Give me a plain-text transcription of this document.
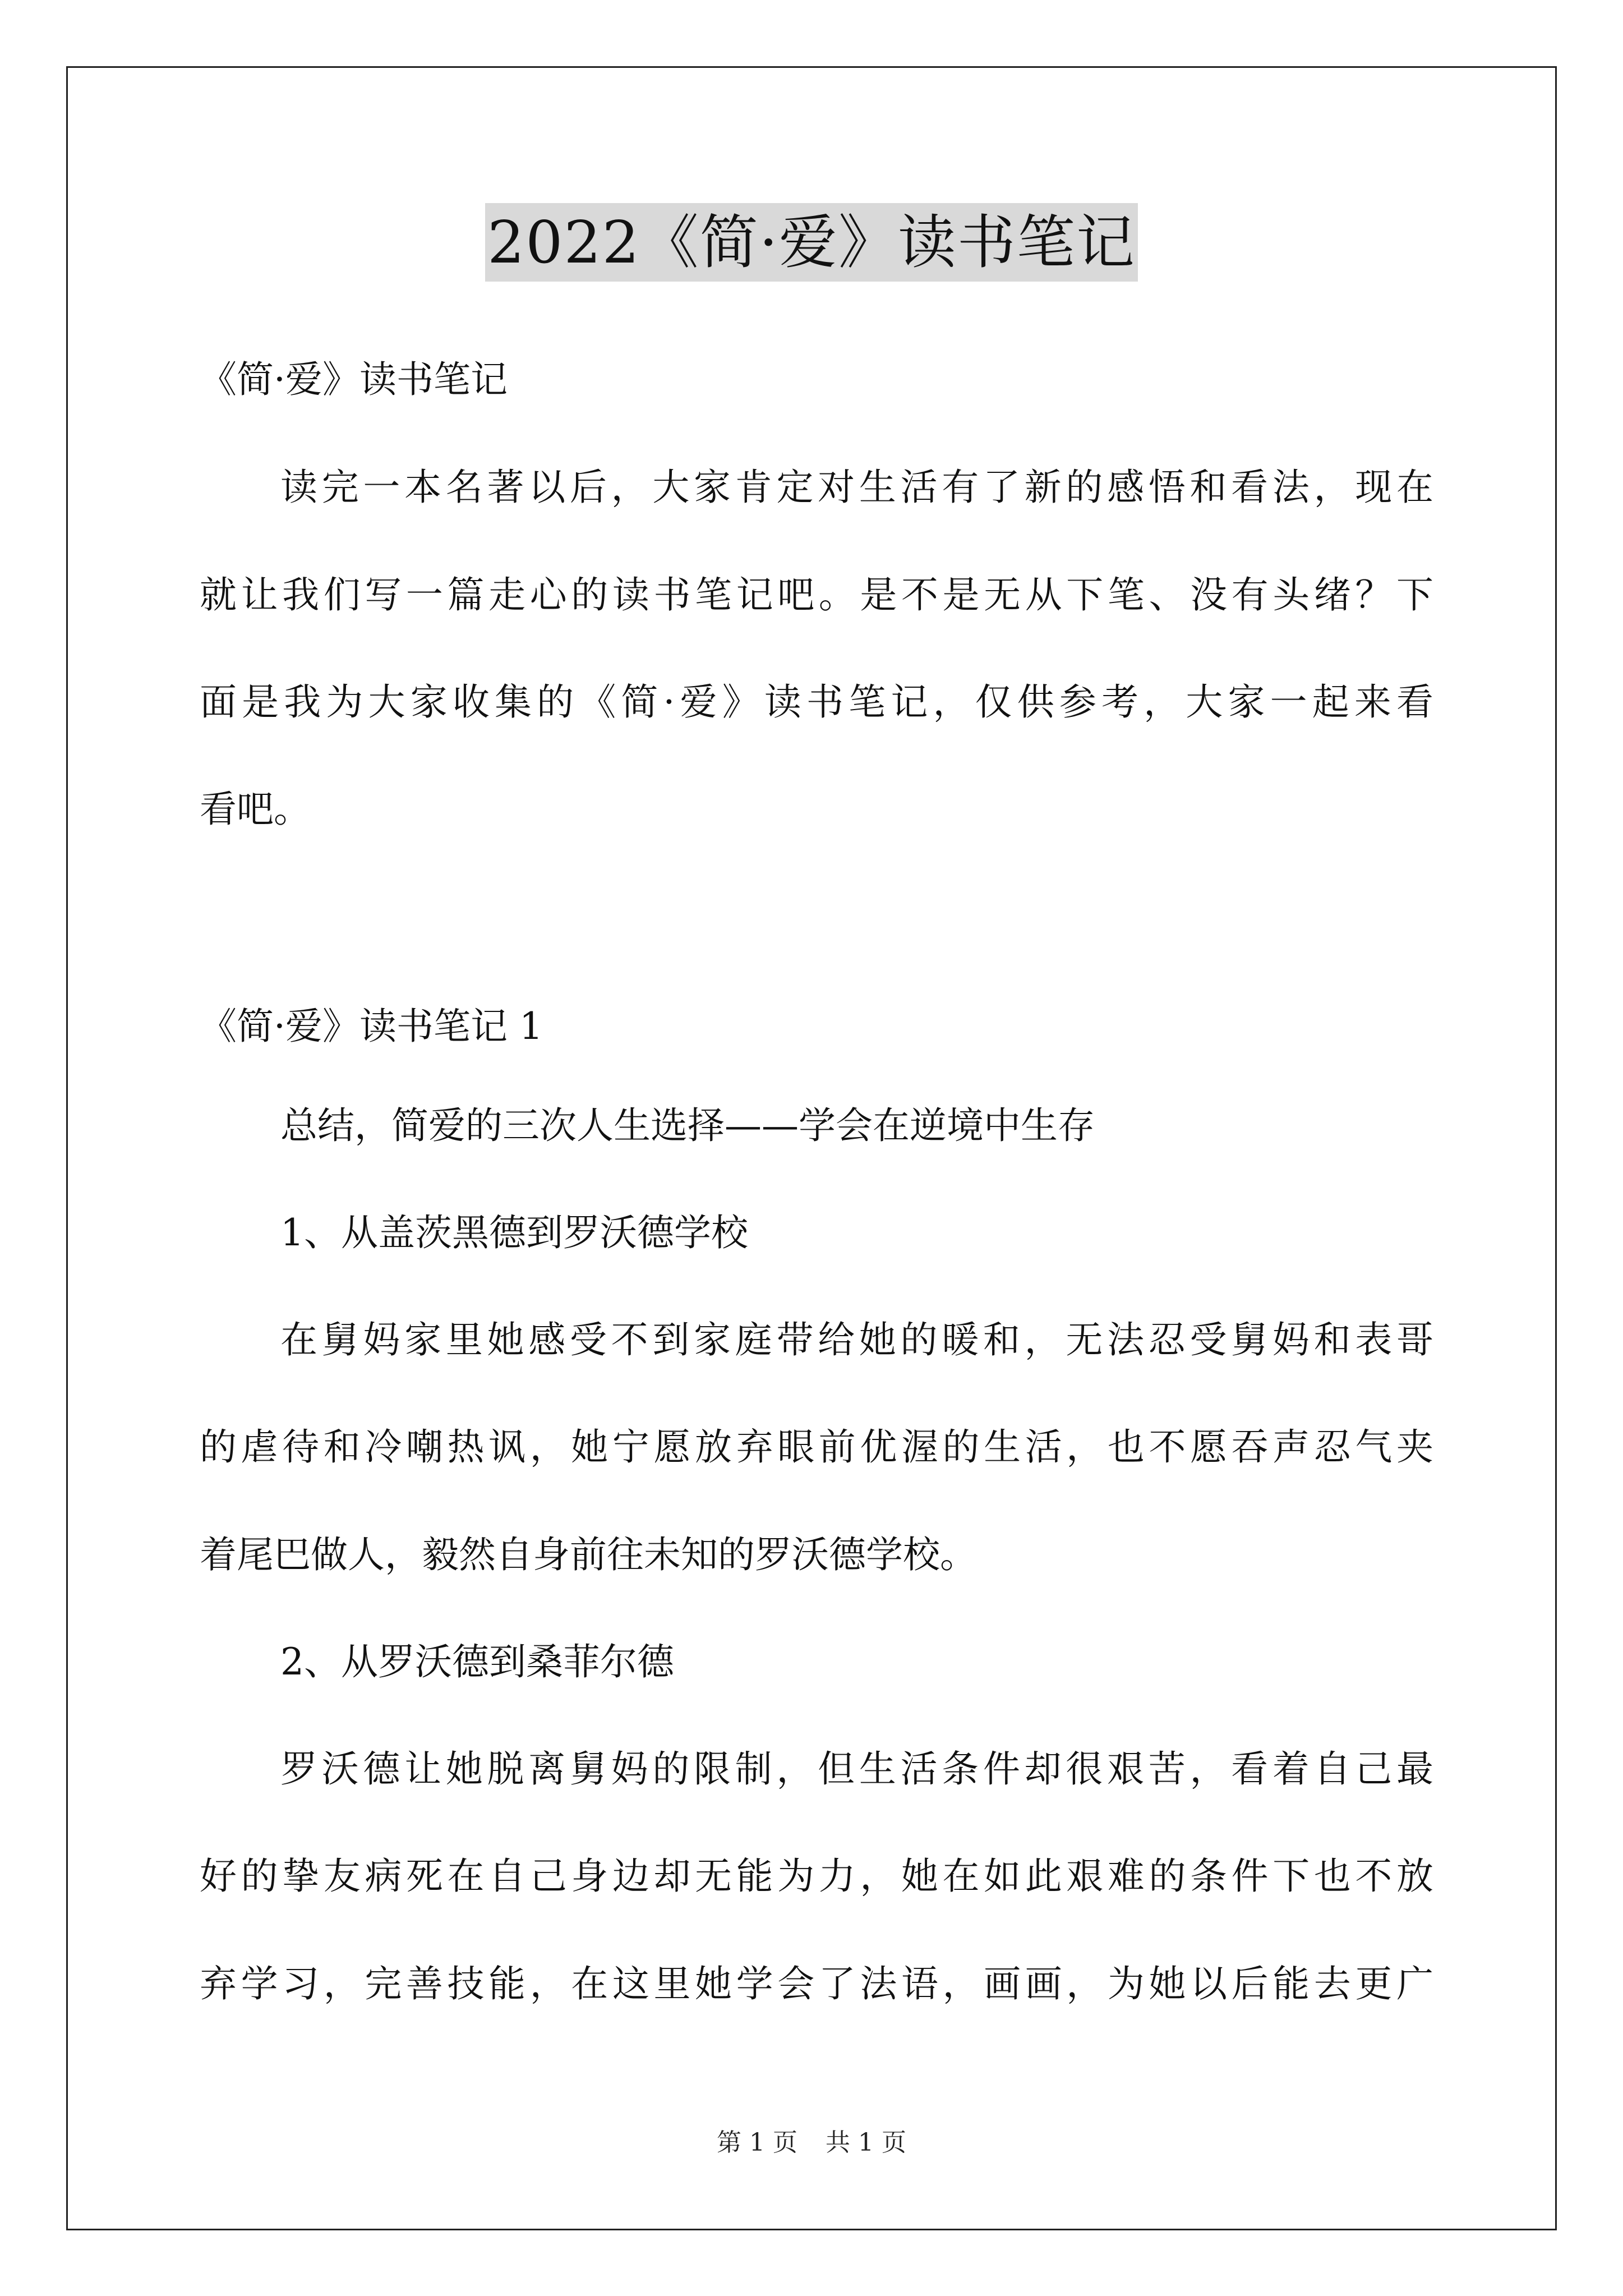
2022《简·爱》读书笔记
《简·爱》读书笔记
读完一本名著以后，大家肯定对生活有了新的感悟和看法，现在
就让我们写一篇走心的读书笔记吧。是不是无从下笔、没有头绪？下
面是我为大家收集的《简·爱》读书笔记，仅供参考，大家一起来看
看吧。
《简·爱》读书笔记 1
总结，简爱的三次人生选择——学会在逆境中生存
1、从盖茨黑德到罗沃德学校
在舅妈家里她感受不到家庭带给她的暖和，无法忍受舅妈和表哥
的虐待和冷嘲热讽，她宁愿放弃眼前优渥的生活，也不愿吞声忍气夹
着尾巴做人，毅然自身前往未知的罗沃德学校。
2、从罗沃德到桑菲尔德
罗沃德让她脱离舅妈的限制，但生活条件却很艰苦，看着自己最
好的挚友病死在自己身边却无能为力，她在如此艰难的条件下也不放
弃学习，完善技能，在这里她学会了法语，画画，为她以后能去更广
第 1 页 共 1 页
